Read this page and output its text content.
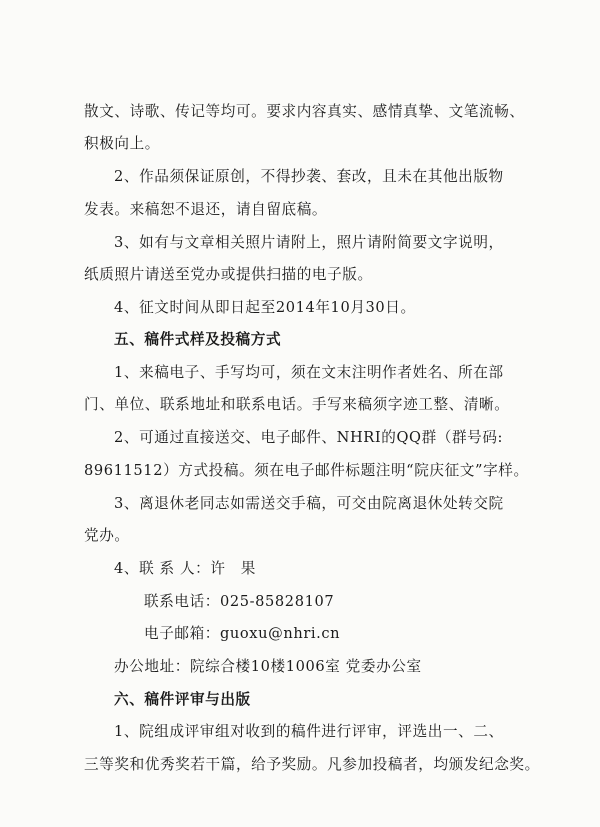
散文、诗歌、传记等均可。要求内容真实、感情真挚、文笔流畅、
积极向上。
2、作品须保证原创，不得抄袭、套改，且未在其他出版物
发表。来稿恕不退还，请自留底稿。
3、如有与文章相关照片请附上，照片请附简要文字说明，
纸质照片请送至党办或提供扫描的电子版。
4、征文时间从即日起至2014年10月30日。
五、稿件式样及投稿方式
1、来稿电子、手写均可，须在文末注明作者姓名、所在部
门、单位、联系地址和联系电话。手写来稿须字迹工整、清晰。
2、可通过直接送交、电子邮件、NHRI的QQ群（群号码:
89611512）方式投稿。须在电子邮件标题注明“院庆征文”字样。
3、离退休老同志如需送交手稿，可交由院离退休处转交院
党办。
4、联 系 人：许　果
联系电话：025-85828107
电子邮箱：guoxu@nhri.cn
办公地址：院综合楼10楼1006室 党委办公室
六、稿件评审与出版
1、院组成评审组对收到的稿件进行评审，评选出一、二、
三等奖和优秀奖若干篇，给予奖励。凡参加投稿者，均颁发纪念奖。
